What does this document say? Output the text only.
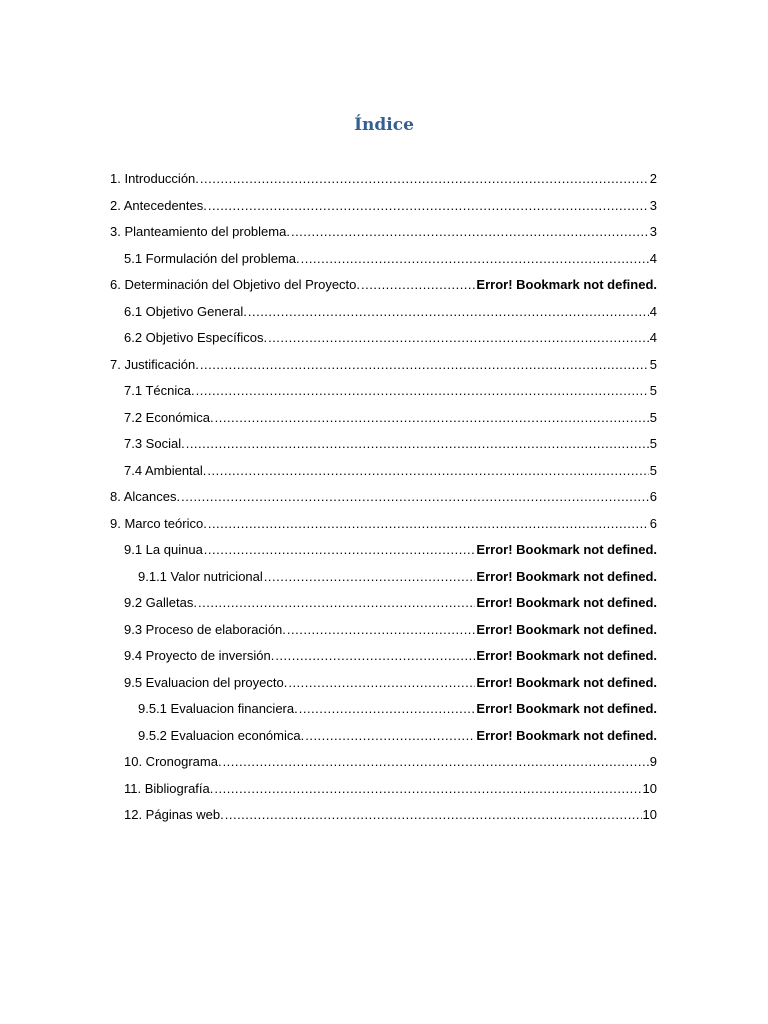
Índice
1. Introducción. .....	2
2. Antecedentes. .....	3
3. Planteamiento del problema. .....	3
5.1 Formulación del problema. .....	4
6. Determinación del Objetivo del Proyecto. .....	Error! Bookmark not defined.
6.1 Objetivo General. .....	4
6.2 Objetivo Específicos. .....	4
7. Justificación. .....	5
7.1 Técnica. .....	5
7.2 Económica. .....	5
7.3 Social. .....	5
7.4 Ambiental. .....	5
8. Alcances. .....	6
9. Marco teórico. .....	6
9.1 La quinua .....	Error! Bookmark not defined.
9.1.1 Valor nutricional .....	Error! Bookmark not defined.
9.2 Galletas. .....	Error! Bookmark not defined.
9.3 Proceso de elaboración. .....	Error! Bookmark not defined.
9.4 Proyecto de inversión. .....	Error! Bookmark not defined.
9.5 Evaluacion del proyecto. .....	Error! Bookmark not defined.
9.5.1 Evaluacion financiera. .....	Error! Bookmark not defined.
9.5.2 Evaluacion económica. .....	Error! Bookmark not defined.
10. Cronograma. .....	9
11. Bibliografía. .....	10
12. Páginas web. .....	10
